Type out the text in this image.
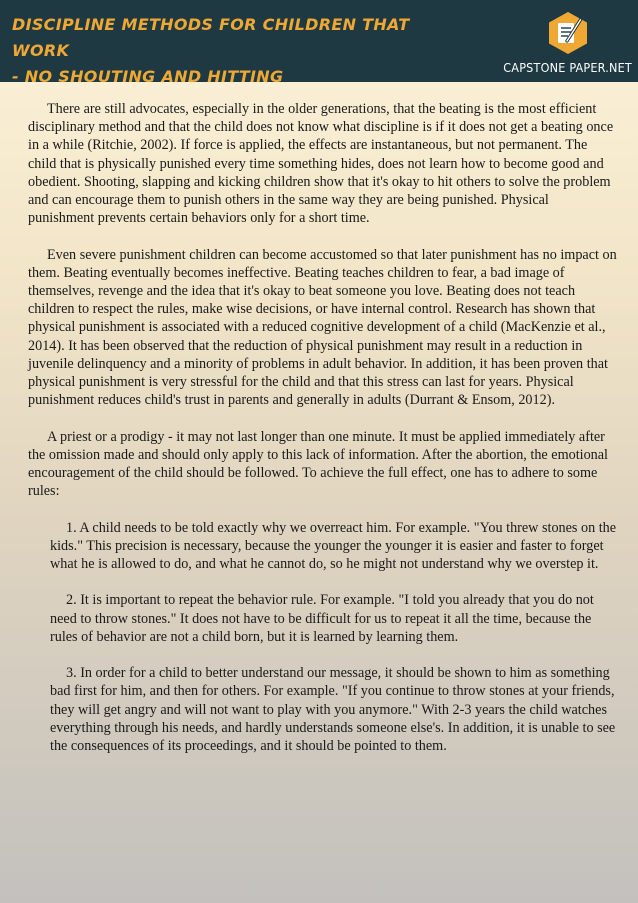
DISCIPLINE METHODS FOR CHILDREN THAT WORK
- NO SHOUTING AND HITTING	CAPSTONE PAPER.NET

There are still advocates, especially in the older generations, that the beating is the most efficient disciplinary method and that the child does not know what discipline is if it does not get a beating once in a while (Ritchie, 2002). If force is applied, the effects are instantaneous, but not permanent. The child that is physically punished every time something hides, does not learn how to become good and obedient. Shooting, slapping and kicking children show that it's okay to hit others to solve the problem and can encourage them to punish others in the same way they are being punished. Physical punishment prevents certain behaviors only for a short time.

Even severe punishment children can become accustomed so that later punishment has no impact on them. Beating eventually becomes ineffective. Beating teaches children to fear, a bad image of themselves, revenge and the idea that it's okay to beat someone you love. Beating does not teach children to respect the rules, make wise decisions, or have internal control. Research has shown that physical punishment is associated with a reduced cognitive development of a child (MacKenzie et al., 2014). It has been observed that the reduction of physical punishment may result in a reduction in juvenile delinquency and a minority of problems in adult behavior. In addition, it has been proven that physical punishment is very stressful for the child and that this stress can last for years. Physical punishment reduces child's trust in parents and generally in adults (Durrant & Ensom, 2012).

A priest or a prodigy - it may not last longer than one minute. It must be applied immediately after the omission made and should only apply to this lack of information. After the abortion, the emotional encouragement of the child should be followed. To achieve the full effect, one has to adhere to some rules:

1. A child needs to be told exactly why we overreact him. For example. "You threw stones on the kids." This precision is necessary, because the younger the younger it is easier and faster to forget what he is allowed to do, and what he cannot do, so he might not understand why we overstep it.
2. It is important to repeat the behavior rule. For example. "I told you already that you do not need to throw stones." It does not have to be difficult for us to repeat it all the time, because the rules of behavior are not a child born, but it is learned by learning them.
3. In order for a child to better understand our message, it should be shown to him as something bad first for him, and then for others. For example. "If you continue to throw stones at your friends, they will get angry and will not want to play with you anymore." With 2-3 years the child watches everything through his needs, and hardly understands someone else's. In addition, it is unable to see the consequences of its proceedings, and it should be pointed to them.
